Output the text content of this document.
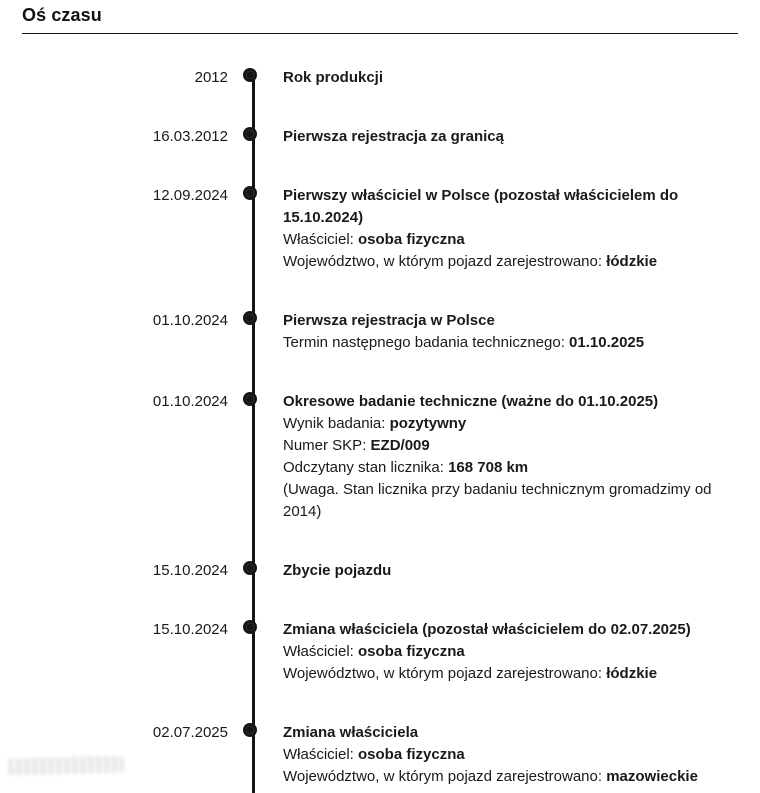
Oś czasu
2012	Rok produkcji

16.03.2012	Pierwsza rejestracja za granicą

12.09.2024	Pierwszy właściciel w Polsce (pozostał właścicielem do 15.10.2024)

Właściciel: osoba fizyczna

Województwo, w którym pojazd zarejestrowano: łódzkie

01.10.2024	Pierwsza rejestracja w Polsce

Termin następnego badania technicznego: 01.10.2025

01.10.2024	Okresowe badanie techniczne (ważne do 01.10.2025)

Wynik badania: pozytywny

Numer SKP: EZD/009

Odczytany stan licznika: 168 708 km

(Uwaga. Stan licznika przy badaniu technicznym gromadzimy od 2014)

15.10.2024	Zbycie pojazdu

15.10.2024	Zmiana właściciela (pozostał właścicielem do 02.07.2025)

Właściciel: osoba fizyczna

Województwo, w którym pojazd zarejestrowano: łódzkie

02.07.2025	Zmiana właściciela

Właściciel: osoba fizyczna

Województwo, w którym pojazd zarejestrowano: mazowieckie
